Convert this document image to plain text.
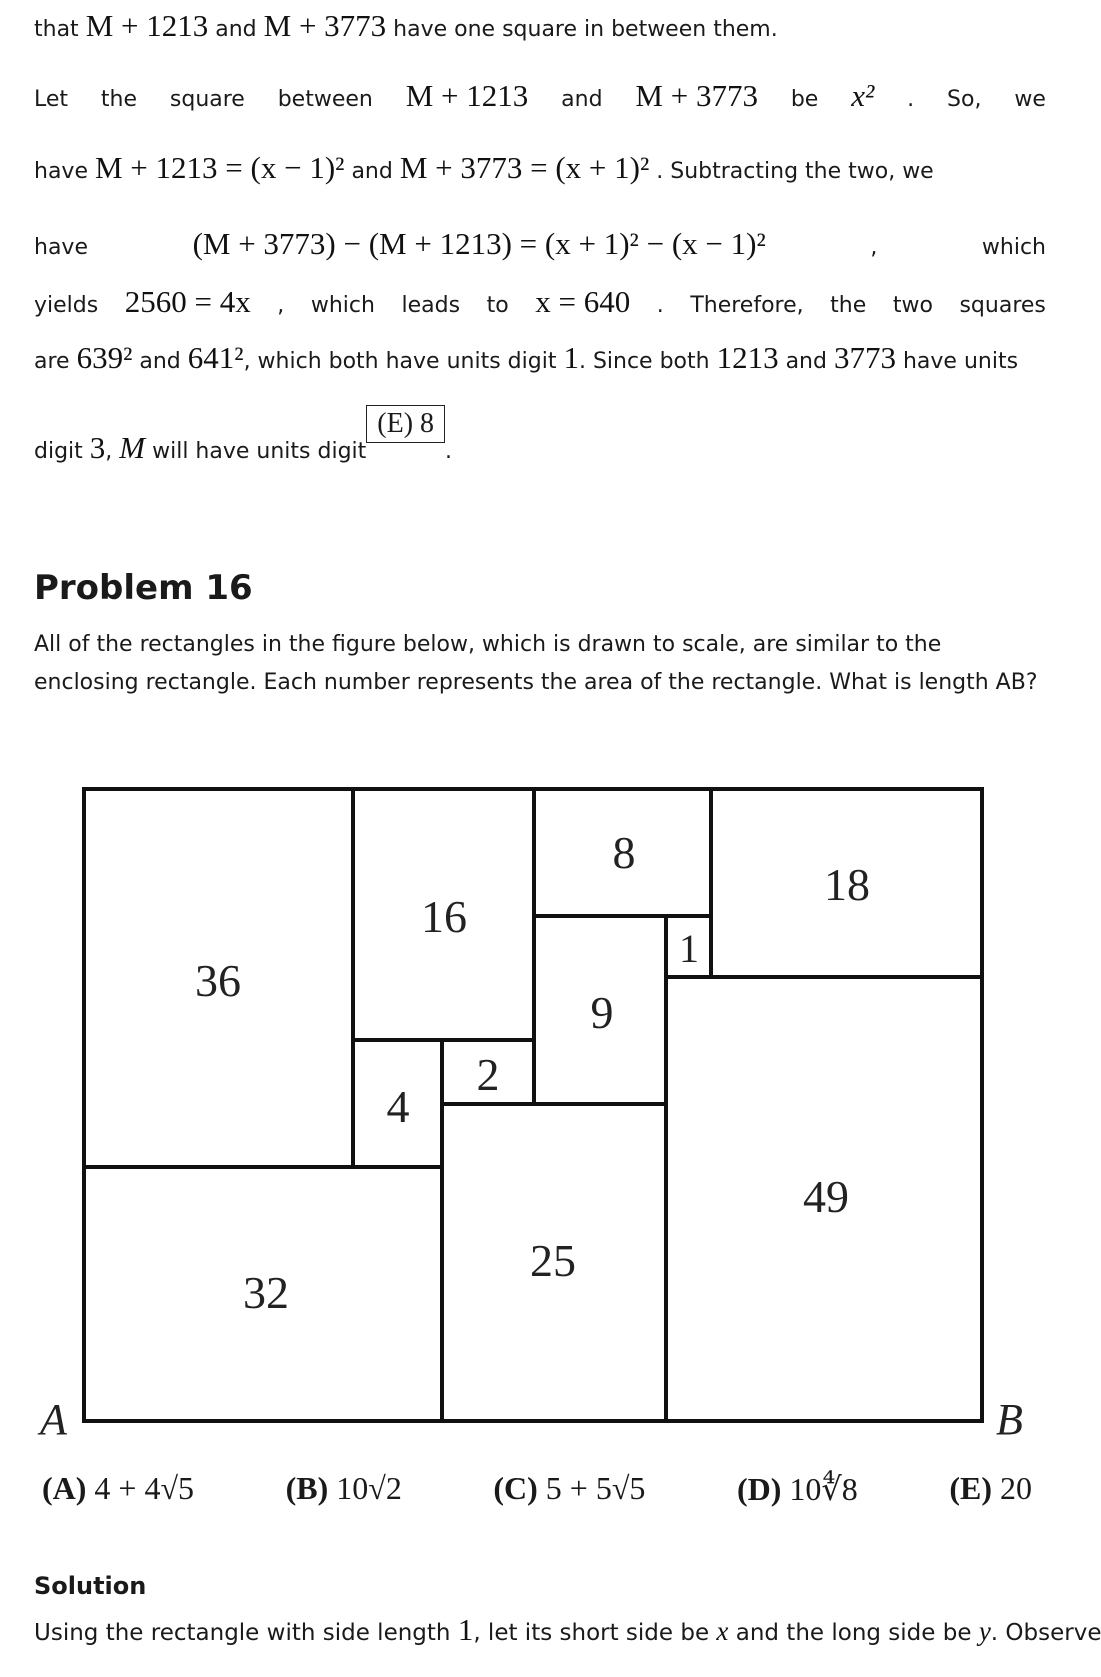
that M + 1213 and M + 3773 have one square in between them.
Let the square between M + 1213 and M + 3773 be x² . So, we
have M + 1213 = (x − 1)² and M + 3773 = (x + 1)² . Subtracting the two, we
have	(M + 3773) − (M + 1213) = (x + 1)² − (x − 1)²	,	which
yields 2560 = 4x , which leads to x = 640 . Therefore, the two squares
are 639² and 641², which both have units digit 1. Since both 1213 and 3773 have units
digit 3, M will have units digit(E) 8.
Problem 16
All of the rectangles in the figure below, which is drawn to scale, are similar to the enclosing rectangle. Each number represents the area of the rectangle. What is length AB?
36
16
8
18
1
9
4
2
25
49
32
A	B
(A) 4 + 4√5	(B) 10√2	(C) 5 + 5√5	(D) 10∜8	(E) 20
Solution
Using the rectangle with side length 1, let its short side be x and the long side be y. Observe
